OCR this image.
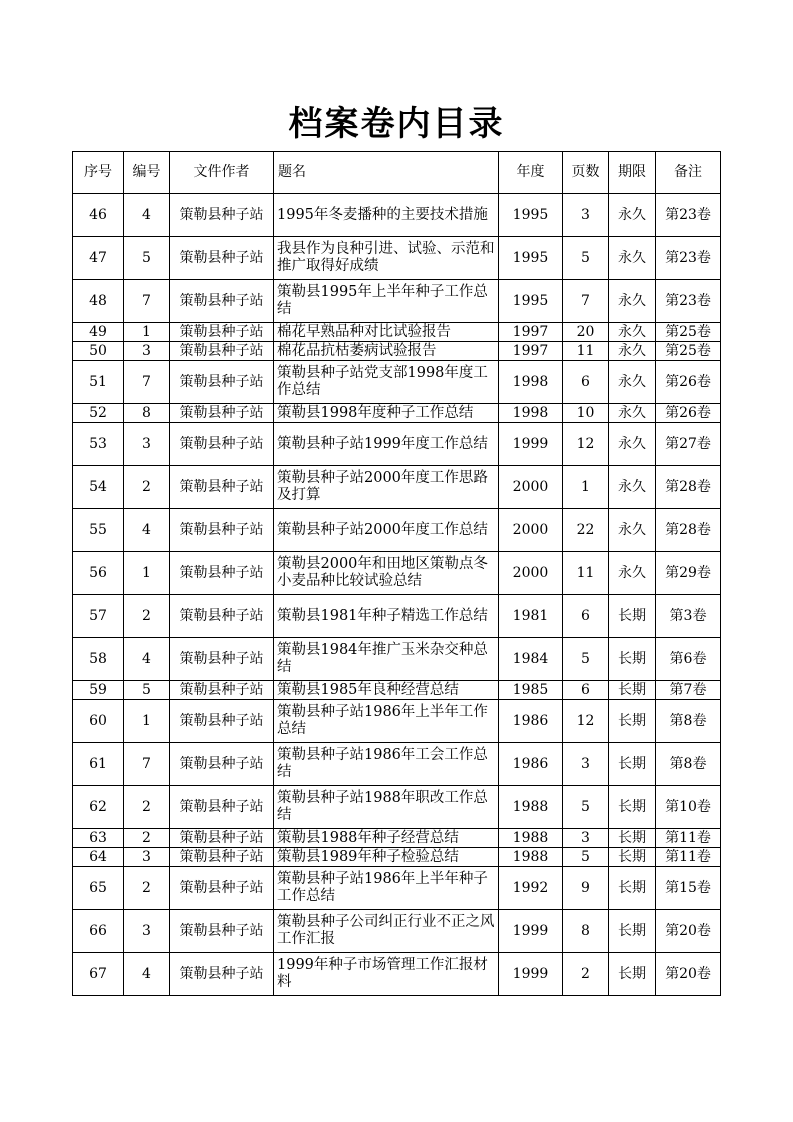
档案卷内目录
序号	编号	文件作者	题名	年度	页数	期限	备注
46	4	策勒县种子站	1995年冬麦播种的主要技术措施	1995	3	永久	第23卷
47	5	策勒县种子站	我县作为良种引进、试验、示范和推广取得好成绩	1995	5	永久	第23卷
48	7	策勒县种子站	策勒县1995年上半年种子工作总结	1995	7	永久	第23卷
49	1	策勒县种子站	棉花早熟品种对比试验报告	1997	20	永久	第25卷
50	3	策勒县种子站	棉花品抗枯萎病试验报告	1997	11	永久	第25卷
51	7	策勒县种子站	策勒县种子站党支部1998年度工作总结	1998	6	永久	第26卷
52	8	策勒县种子站	策勒县1998年度种子工作总结	1998	10	永久	第26卷
53	3	策勒县种子站	策勒县种子站1999年度工作总结	1999	12	永久	第27卷
54	2	策勒县种子站	策勒县种子站2000年度工作思路及打算	2000	1	永久	第28卷
55	4	策勒县种子站	策勒县种子站2000年度工作总结	2000	22	永久	第28卷
56	1	策勒县种子站	策勒县2000年和田地区策勒点冬小麦品种比较试验总结	2000	11	永久	第29卷
57	2	策勒县种子站	策勒县1981年种子精选工作总结	1981	6	长期	第3卷
58	4	策勒县种子站	策勒县1984年推广玉米杂交种总结	1984	5	长期	第6卷
59	5	策勒县种子站	策勒县1985年良种经营总结	1985	6	长期	第7卷
60	1	策勒县种子站	策勒县种子站1986年上半年工作总结	1986	12	长期	第8卷
61	7	策勒县种子站	策勒县种子站1986年工会工作总结	1986	3	长期	第8卷
62	2	策勒县种子站	策勒县种子站1988年职改工作总结	1988	5	长期	第10卷
63	2	策勒县种子站	策勒县1988年种子经营总结	1988	3	长期	第11卷
64	3	策勒县种子站	策勒县1989年种子检验总结	1988	5	长期	第11卷
65	2	策勒县种子站	策勒县种子站1986年上半年种子工作总结	1992	9	长期	第15卷
66	3	策勒县种子站	策勒县种子公司纠正行业不正之风工作汇报	1999	8	长期	第20卷
67	4	策勒县种子站	1999年种子市场管理工作汇报材料	1999	2	长期	第20卷
